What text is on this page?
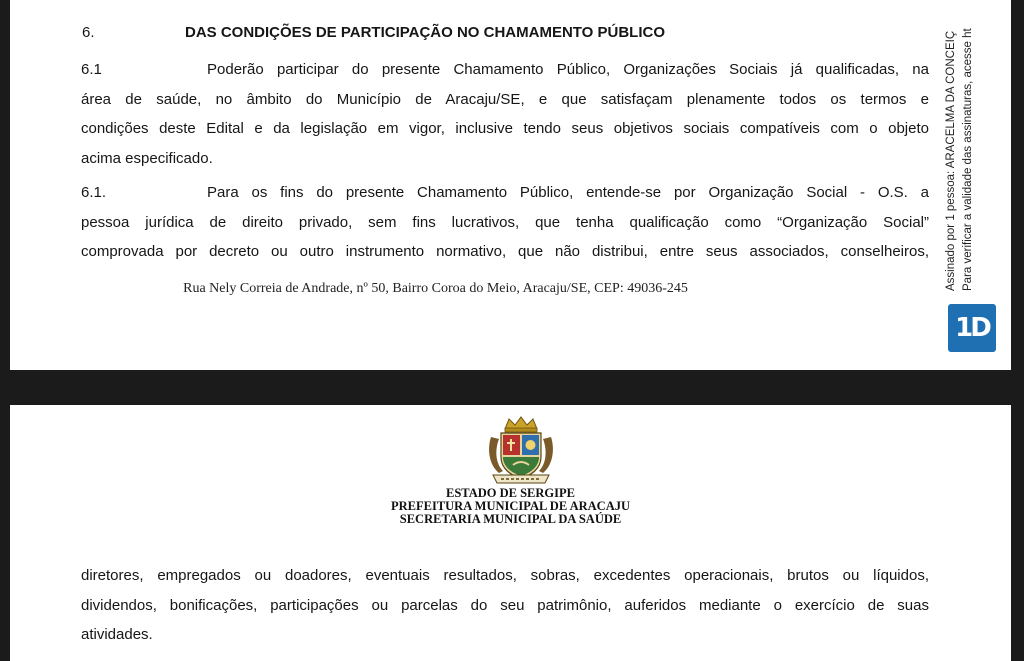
6.	DAS CONDIÇÕES DE PARTICIPAÇÃO NO CHAMAMENTO PÚBLICO
6.1	Poderão participar do presente Chamamento Público, Organizações Sociais já qualificadas, na
área de saúde, no âmbito do Município de Aracaju/SE, e que satisfaçam plenamente todos os termos e
condições deste Edital e da legislação em vigor, inclusive tendo seus objetivos sociais compatíveis com o objeto
acima especificado.
6.1.	Para os fins do presente Chamamento Público, entende-se por Organização Social - O.S. a
pessoa jurídica de direito privado, sem fins lucrativos, que tenha qualificação como “Organização Social”
comprovada por decreto ou outro instrumento normativo, que não distribui, entre seus associados, conselheiros,
Rua Nely Correia de Andrade, nº 50, Bairro Coroa do Meio, Aracaju/SE, CEP: 49036-245	Assinado por 1 pessoa: ARACELMA DA CONCEIÇ Para verificar a validade das assinaturas, acesse ht
1D
ESTADO DE SERGIPE
PREFEITURA MUNICIPAL DE ARACAJU
SECRETARIA MUNICIPAL DA SAÚDE
diretores, empregados ou doadores, eventuais resultados, sobras, excedentes operacionais, brutos ou líquidos,
dividendos, bonificações, participações ou parcelas do seu patrimônio, auferidos mediante o exercício de suas
atividades.
